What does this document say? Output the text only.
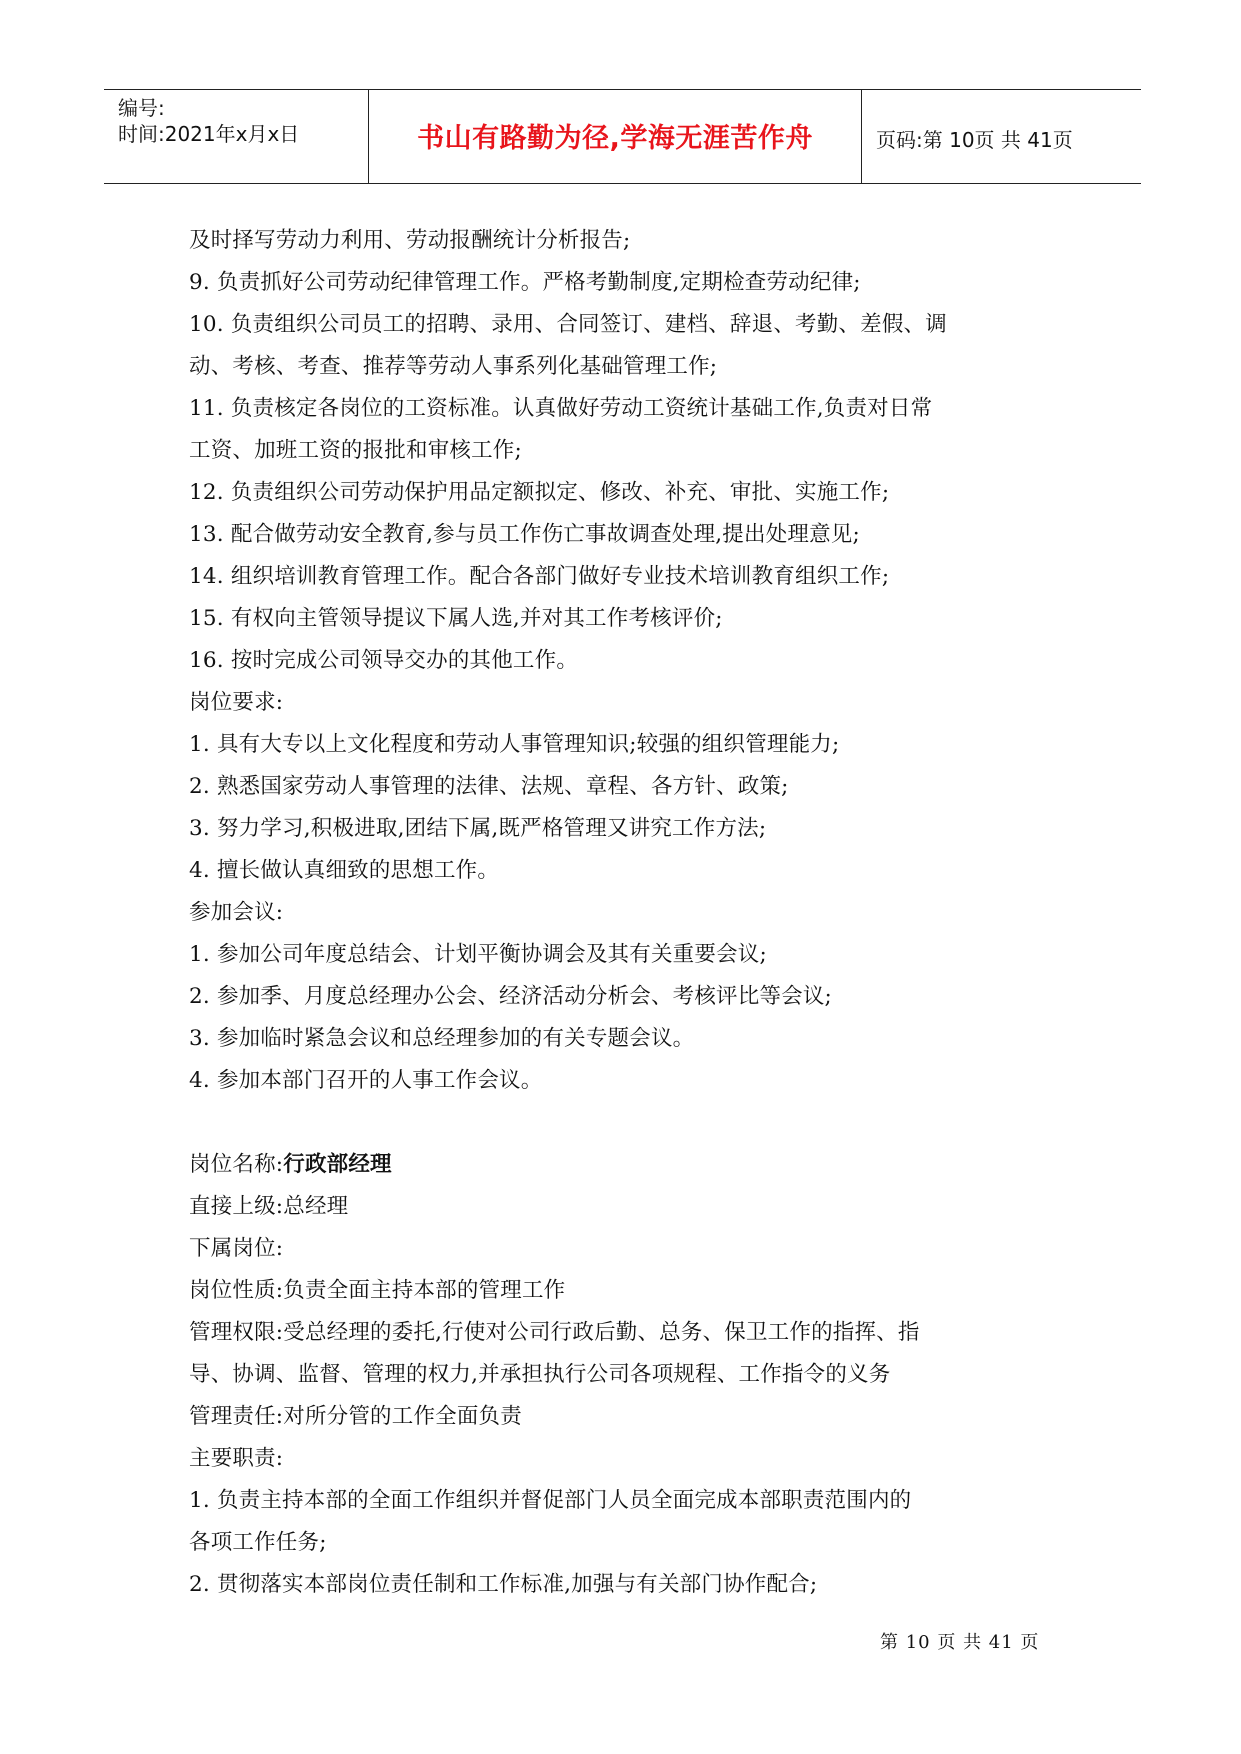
编号:
时间:2021年x月x日	书山有路勤为径,学海无涯苦作舟	页码:第 10页 共 41页
及时择写劳动力利用、劳动报酬统计分析报告;
9. 负责抓好公司劳动纪律管理工作。严格考勤制度,定期检查劳动纪律;
10. 负责组织公司员工的招聘、录用、合同签订、建档、辞退、考勤、差假、调
动、考核、考查、推荐等劳动人事系列化基础管理工作;
11. 负责核定各岗位的工资标准。认真做好劳动工资统计基础工作,负责对日常
工资、加班工资的报批和审核工作;
12. 负责组织公司劳动保护用品定额拟定、修改、补充、审批、实施工作;
13. 配合做劳动安全教育,参与员工作伤亡事故调查处理,提出处理意见;
14. 组织培训教育管理工作。配合各部门做好专业技术培训教育组织工作;
15. 有权向主管领导提议下属人选,并对其工作考核评价;
16. 按时完成公司领导交办的其他工作。
岗位要求:
1. 具有大专以上文化程度和劳动人事管理知识;较强的组织管理能力;
2. 熟悉国家劳动人事管理的法律、法规、章程、各方针、政策;
3. 努力学习,积极进取,团结下属,既严格管理又讲究工作方法;
4. 擅长做认真细致的思想工作。
参加会议:
1. 参加公司年度总结会、计划平衡协调会及其有关重要会议;
2. 参加季、月度总经理办公会、经济活动分析会、考核评比等会议;
3. 参加临时紧急会议和总经理参加的有关专题会议。
4. 参加本部门召开的人事工作会议。
岗位名称:行政部经理
直接上级:总经理
下属岗位:
岗位性质:负责全面主持本部的管理工作
管理权限:受总经理的委托,行使对公司行政后勤、总务、保卫工作的指挥、指
导、协调、监督、管理的权力,并承担执行公司各项规程、工作指令的义务
管理责任:对所分管的工作全面负责
主要职责:
1. 负责主持本部的全面工作组织并督促部门人员全面完成本部职责范围内的
各项工作任务;
2. 贯彻落实本部岗位责任制和工作标准,加强与有关部门协作配合;
第 10 页 共 41 页
